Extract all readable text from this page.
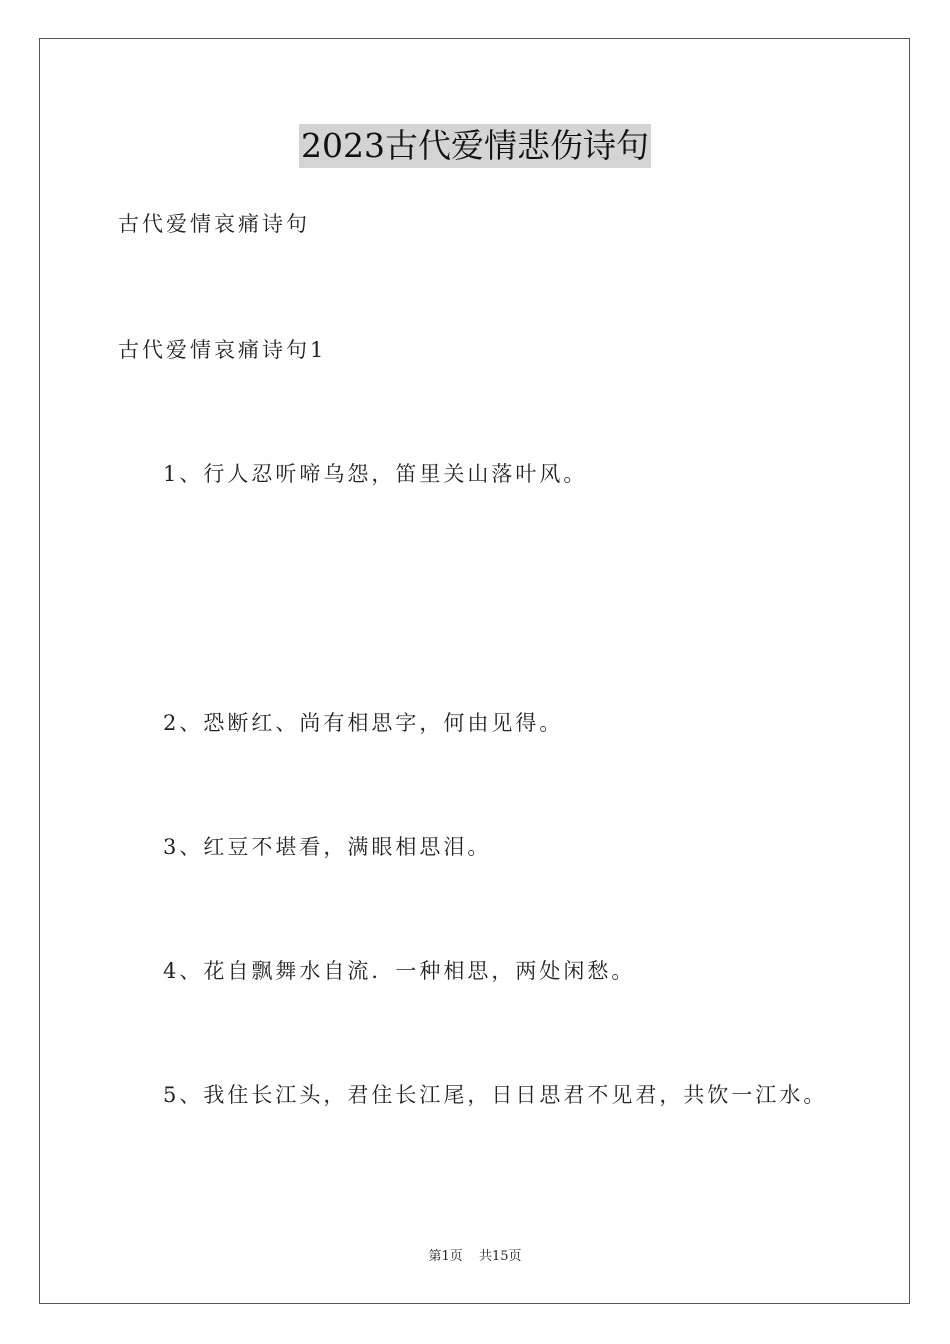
2023古代爱情悲伤诗句
古代爱情哀痛诗句
古代爱情哀痛诗句1
1、行人忍听啼乌怨，笛里关山落叶风。
2、恐断红、尚有相思字，何由见得。
3、红豆不堪看，满眼相思泪。
4、花自飘舞水自流．一种相思，两处闲愁。
5、我住长江头，君住长江尾，日日思君不见君，共饮一江水。
第1页 共15页
